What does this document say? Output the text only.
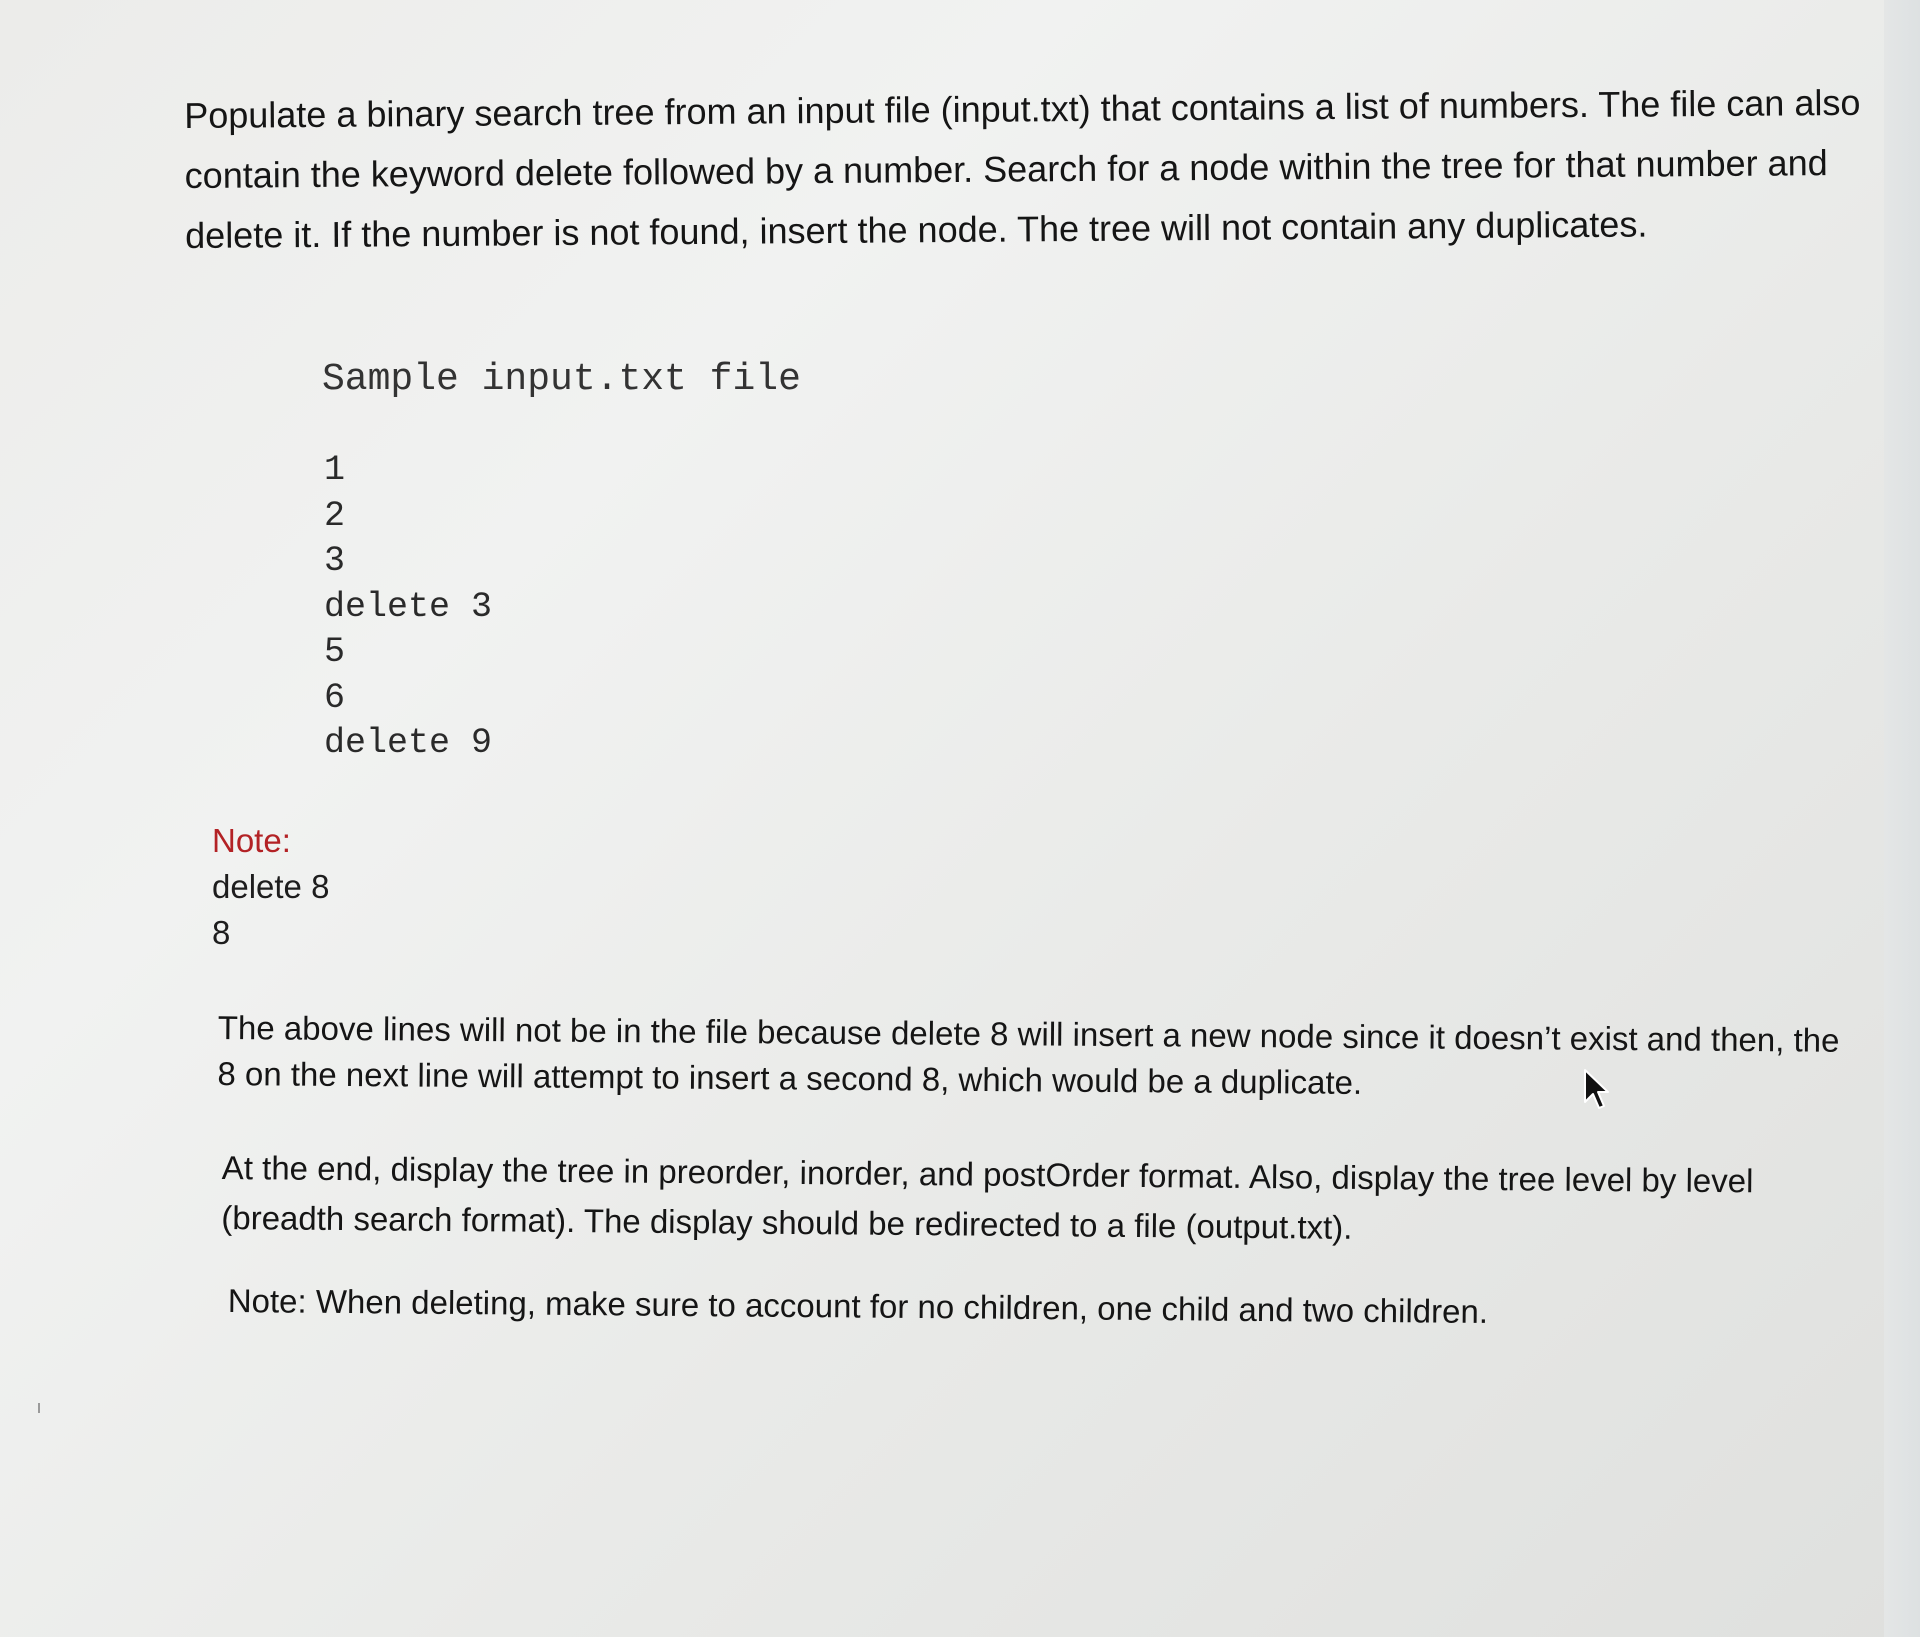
Populate a binary search tree from an input file (input.txt) that contains a list of numbers. The file can also contain the keyword delete followed by a number. Search for a node within the tree for that number and delete it. If the number is not found, insert the node. The tree will not contain any duplicates.

Sample input.txt file

1
2
3
delete 3
5
6
delete 9
Note:
delete 8
8

The above lines will not be in the file because delete 8 will insert a new node since it doesn’t exist and then, the 8 on the next line will attempt to insert a second 8, which would be a duplicate.

At the end, display the tree in preorder, inorder, and postOrder format. Also, display the tree level by level (breadth search format). The display should be redirected to a file (output.txt).

Note: When deleting, make sure to account for no children, one child and two children.
